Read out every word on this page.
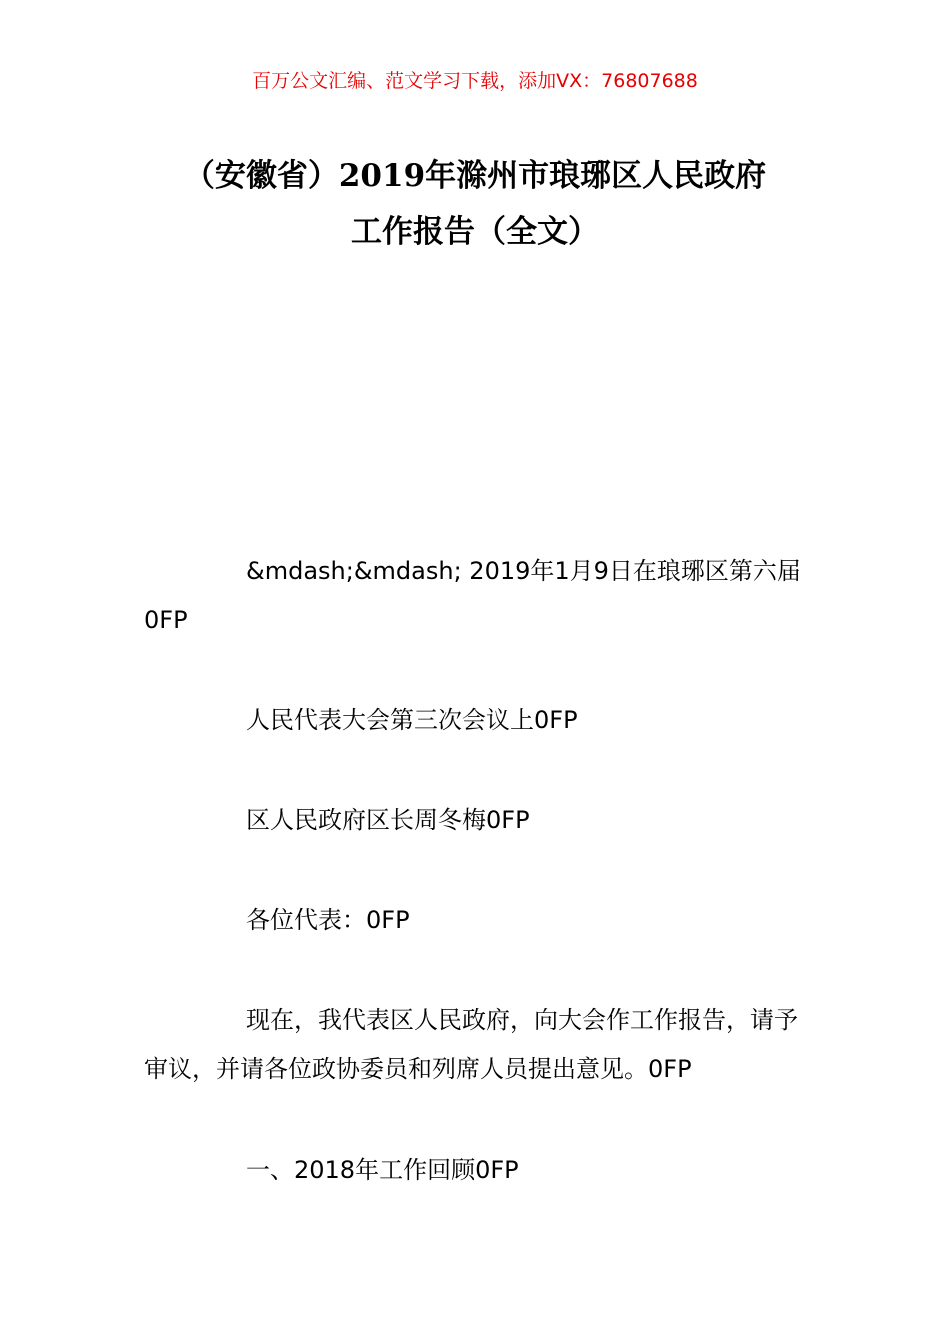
百万公文汇编、范文学习下载，添加VX：76807688
（安徽省）2019年滁州市琅琊区人民政府
工作报告（全文）

&mdash;&mdash; 2019年1月9日在琅琊区第六届0FP

人民代表大会第三次会议上0FP

区人民政府区长周冬梅0FP

各位代表：0FP

现在，我代表区人民政府，向大会作工作报告，请予审议，并请各位政协委员和列席人员提出意见。0FP

一、2018年工作回顾0FP
